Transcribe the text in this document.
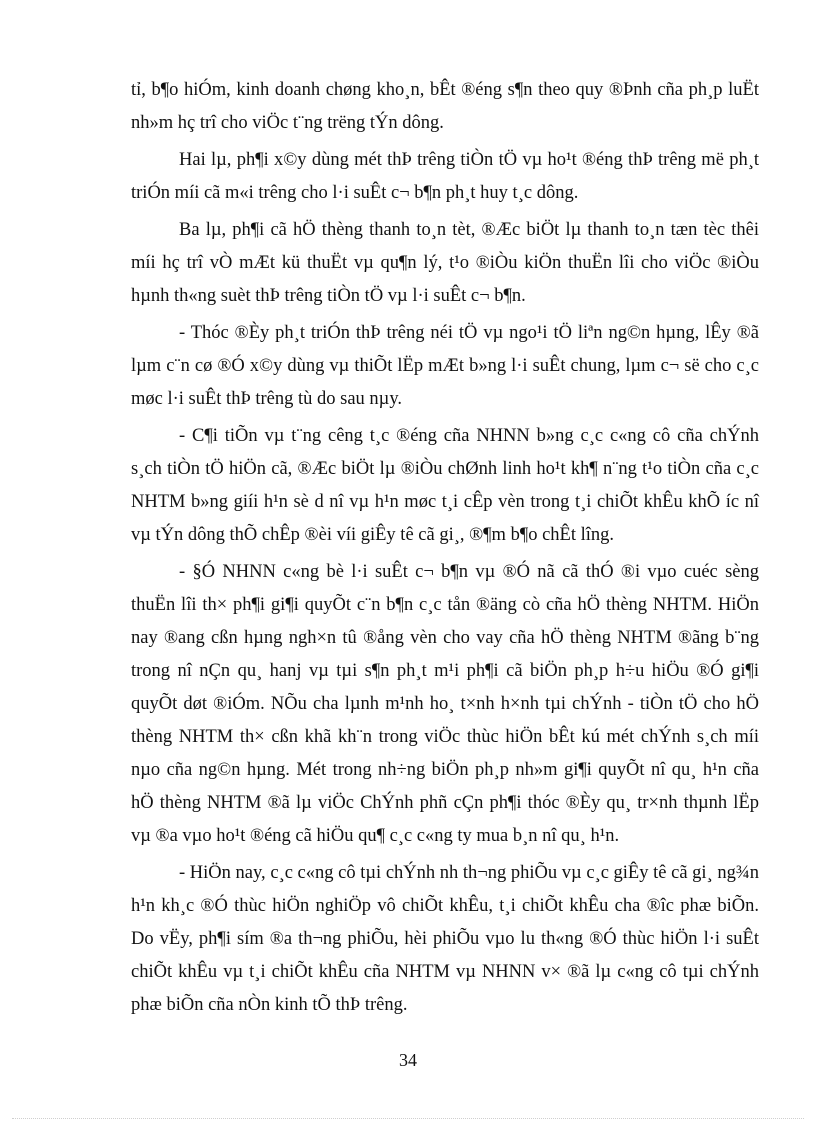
tỉ, b¶o hiÓm, kinh doanh chøng kho¸n, bÊt ®éng s¶n theo quy ®Þnh cña ph¸p luËt nh»m hç trî cho viÖc t¨ng trëng tÝn dông.

Hai lµ, ph¶i x©y dùng mét thÞ trêng tiÒn tÖ vµ ho¹t ®éng thÞ trêng më ph¸t triÓn míi cã m«i trêng cho l·i suÊt c¬ b¶n ph¸t huy t¸c dông.

Ba lµ, ph¶i cã hÖ thèng thanh to¸n tèt, ®Æc biÖt lµ thanh to¸n tæn tèc thêi míi hç trî vÒ mÆt kü thuËt vµ qu¶n lý, t¹o ®iÒu kiÖn thuËn lîi cho viÖc ®iÒu hµnh th«ng suèt thÞ trêng tiÒn tÖ vµ l·i suÊt c¬ b¶n.

- Thóc ®Èy ph¸t triÓn thÞ trêng néi tÖ vµ ngo¹i tÖ liªn ng©n hµng, lÊy ®ã lµm c¨n cø ®Ó x©y dùng vµ thiÕt lËp mÆt b»ng l·i suÊt chung, lµm c¬ së cho c¸c møc l·i suÊt thÞ trêng tù do sau nµy.

- C¶i tiÕn vµ t¨ng cêng t¸c ®éng cña NHNN b»ng c¸c c«ng cô cña chÝnh s¸ch tiÒn tÖ hiÖn cã, ®Æc biÖt lµ ®iÒu chØnh linh ho¹t kh¶ n¨ng t¹o tiÒn cña c¸c NHTM b»ng giíi h¹n sè d nî vµ h¹n møc t¸i cÊp vèn trong t¸i chiÕt khÊu khÕ íc nî vµ tÝn dông thÕ chÊp ®èi víi giÊy tê cã gi¸, ®¶m b¶o chÊt lîng.

- §Ó NHNN c«ng bè l·i suÊt c¬ b¶n vµ ®Ó nã cã thÓ ®i vµo cuéc sèng thuËn lîi th× ph¶i gi¶i quyÕt c¨n b¶n c¸c tån ®äng cò cña hÖ thèng NHTM. HiÖn nay ®ang cßn hµng ngh×n tû ®ång vèn cho vay cña hÖ thèng NHTM ®ãng b¨ng trong nî nÇn qu¸ hanj vµ tµi s¶n ph¸t m¹i ph¶i cã biÖn ph¸p h÷u hiÖu ®Ó gi¶i quyÕt døt ®iÓm. NÕu cha lµnh m¹nh ho¸ t×nh h×nh tµi chÝnh - tiÒn tÖ cho hÖ thèng NHTM th× cßn khã kh¨n trong viÖc thùc hiÖn bÊt kú mét chÝnh s¸ch míi nµo cña ng©n hµng. Mét trong nh÷ng biÖn ph¸p nh»m gi¶i quyÕt nî qu¸ h¹n cña hÖ thèng NHTM ®ã lµ viÖc ChÝnh phñ cÇn ph¶i thóc ®Èy qu¸ tr×nh thµnh lËp vµ ®a vµo ho¹t ®éng cã hiÖu qu¶ c¸c c«ng ty mua b¸n nî qu¸ h¹n.

- HiÖn nay, c¸c c«ng cô tµi chÝnh nh th¬ng phiÕu vµ c¸c giÊy tê cã gi¸ ng¾n h¹n kh¸c ®Ó thùc hiÖn nghiÖp vô chiÕt khÊu, t¸i chiÕt khÊu cha ®îc phæ biÕn. Do vËy, ph¶i sím ®a th¬ng phiÕu, hèi phiÕu vµo lu th«ng ®Ó thùc hiÖn l·i suÊt chiÕt khÊu vµ t¸i chiÕt khÊu cña NHTM vµ NHNN v× ®ã lµ c«ng cô tµi chÝnh phæ biÕn cña nÒn kinh tÕ thÞ trêng.

34
